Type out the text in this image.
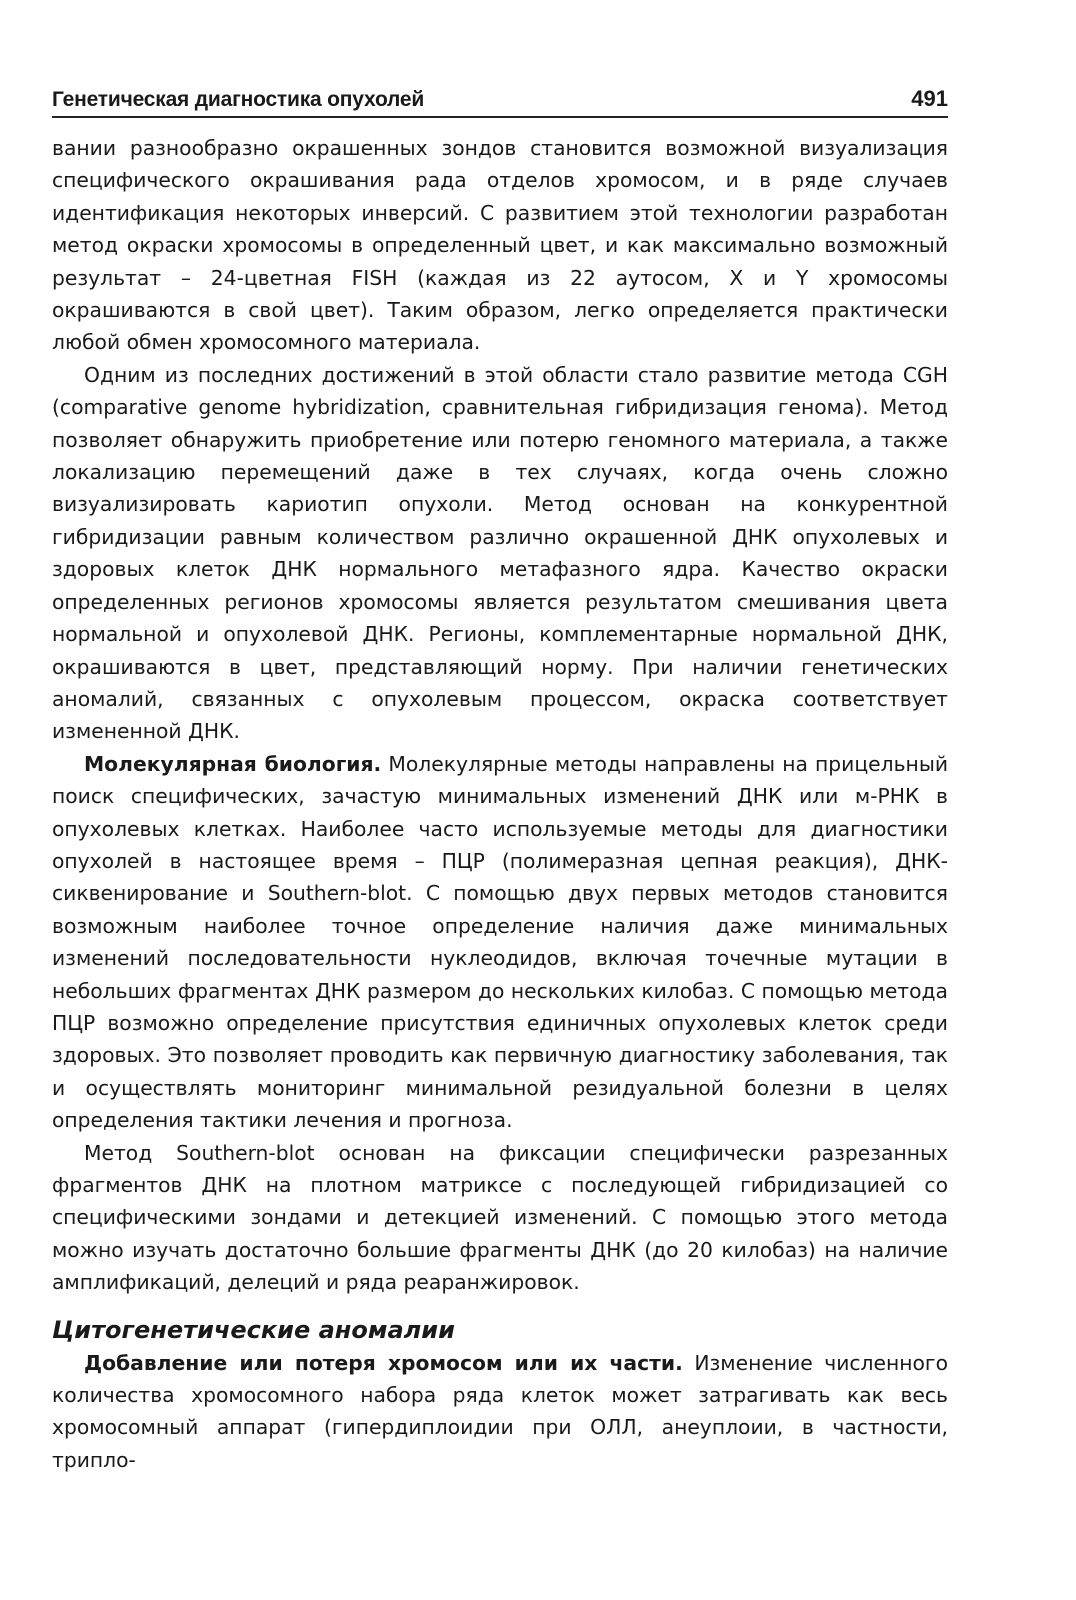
Генетическая диагностика опухолей	491

вании разнообразно окрашенных зондов становится возможной визуализация специфического окрашивания рада отделов хромосом, и в ряде случаев идентификация некоторых инверсий. С развитием этой технологии разработан метод окраски хромосомы в определенный цвет, и как максимально возможный результат – 24-цветная FISH (каждая из 22 аутосом, X и Y хромосомы окрашиваются в свой цвет). Таким образом, легко определяется практически любой обмен хромосомного материала.

Одним из последних достижений в этой области стало развитие метода CGH (comparative genome hybridization, сравнительная гибридизация генома). Метод позволяет обнаружить приобретение или потерю геномного материала, а также локализацию перемещений даже в тех случаях, когда очень сложно визуализировать кариотип опухоли. Метод основан на конкурентной гибридизации равным количеством различно окрашенной ДНК опухолевых и здоровых клеток ДНК нормального метафазного ядра. Качество окраски определенных регионов хромосомы является результатом смешивания цвета нормальной и опухолевой ДНК. Регионы, комплементарные нормальной ДНК, окрашиваются в цвет, представляющий норму. При наличии генетических аномалий, связанных с опухолевым процессом, окраска соответствует измененной ДНК.

Молекулярная биология. Молекулярные методы направлены на прицельный поиск специфических, зачастую минимальных изменений ДНК или м-РНК в опухолевых клетках. Наиболее часто используемые методы для диагностики опухолей в настоящее время – ПЦР (полимеразная цепная реакция), ДНК-сиквенирование и Southern-blot. С помощью двух первых методов становится возможным наиболее точное определение наличия даже минимальных изменений последовательности нуклеодидов, включая точечные мутации в небольших фрагментах ДНК размером до нескольких килобаз. С помощью метода ПЦР возможно определение присутствия единичных опухолевых клеток среди здоровых. Это позволяет проводить как первичную диагностику заболевания, так и осуществлять мониторинг минимальной резидуальной болезни в целях определения тактики лечения и прогноза.

Метод Southern-blot основан на фиксации специфически разрезанных фрагментов ДНК на плотном матриксе с последующей гибридизацией со специфическими зондами и детекцией изменений. С помощью этого метода можно изучать достаточно большие фрагменты ДНК (до 20 килобаз) на наличие амплификаций, делеций и ряда реаранжировок.

Цитогенетические аномалии

Добавление или потеря хромосом или их части. Изменение численного количества хромосомного набора ряда клеток может затрагивать как весь хромосомный аппарат (гипердиплоидии при ОЛЛ, анеуплоии, в частности, трипло-
